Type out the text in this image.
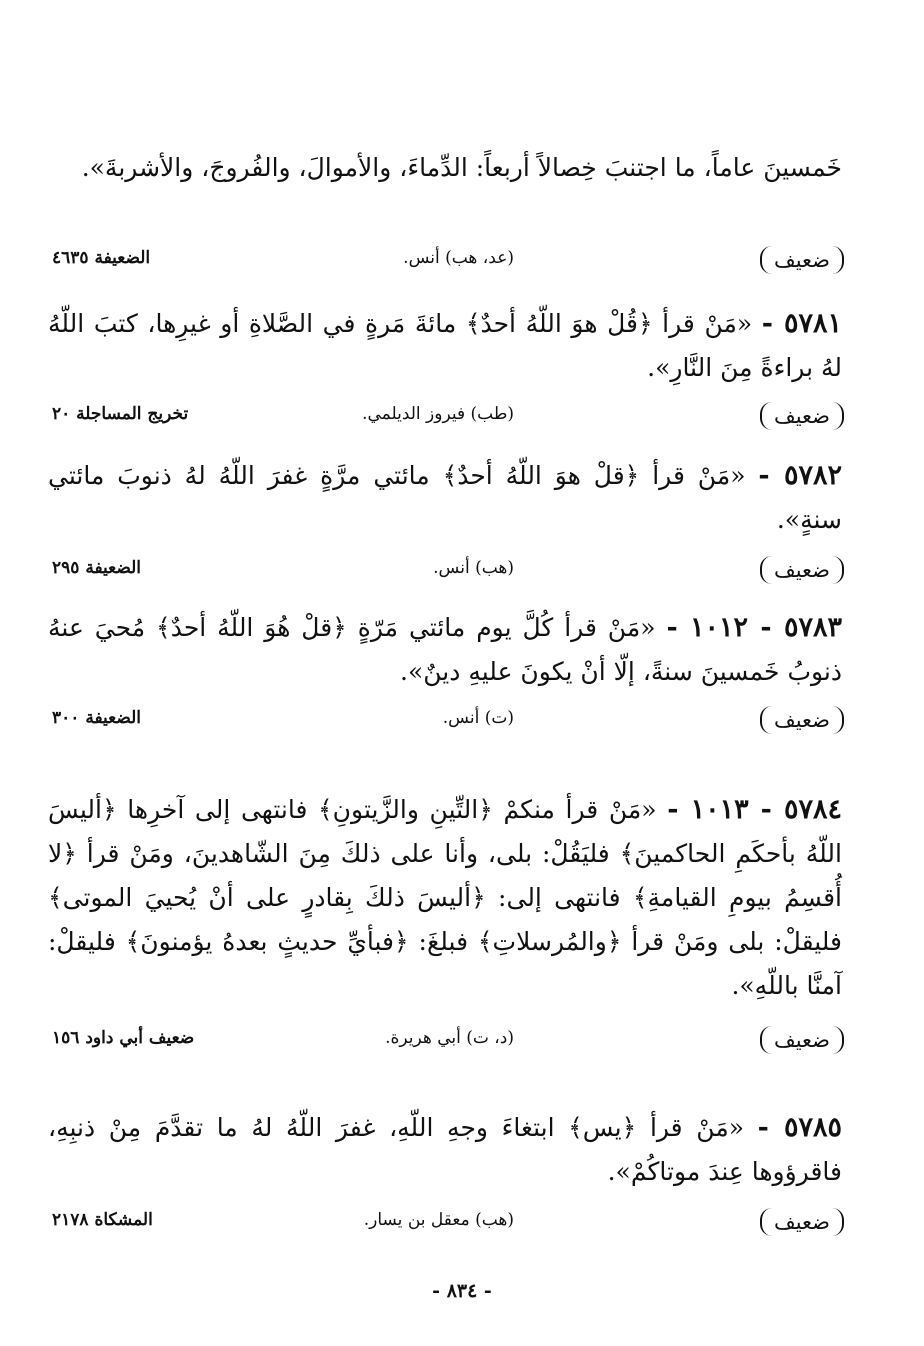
خَمسينَ عاماً، ما اجتنبَ خِصالاً أربعاً: الدِّماءَ، والأموالَ، والفُروجَ، والأشربةَ».
ضعيف
(عد، هب) أنس.
الضعيفة ٤٦٣٥
٥٧٨١ - «مَنْ قرأ ﴿قُلْ هوَ اللّهُ أحدٌ﴾ مائةَ مَرةٍ في الصَّلاةِ أو غيرِها، كتبَ اللّهُ لهُ براءةً مِنَ النَّارِ».
ضعيف
(طب) فيروز الديلمي.
تخريج المساجلة ٢٠
٥٧٨٢ - «مَنْ قرأ ﴿قلْ هوَ اللّهُ أحدٌ﴾ مائتي مرَّةٍ غفرَ اللّهُ لهُ ذنوبَ مائتي سنةٍ».
ضعيف
(هب) أنس.
الضعيفة ٢٩٥
٥٧٨٣ - ١٠١٢ - «مَنْ قرأ كُلَّ يوم مائتي مَرّةٍ ﴿قلْ هُوَ اللّهُ أحدٌ﴾ مُحيَ عنهُ ذنوبُ خَمسينَ سنةً، إلّا أنْ يكونَ عليهِ دينٌ».
ضعيف
(ت) أنس.
الضعيفة ٣٠٠
٥٧٨٤ - ١٠١٣ - «مَنْ قرأ منكمْ ﴿التِّينِ والزَّيتونِ﴾ فانتهى إلى آخرِها ﴿أليسَ اللّهُ بأحكَمِ الحاكمينَ﴾ فليَقُلْ: بلى، وأنا على ذلكَ مِنَ الشّاهدينَ، ومَنْ قرأ ﴿لا أُقسِمُ بيومِ القيامةِ﴾ فانتهى إلى: ﴿أليسَ ذلكَ بِقادرٍ على أنْ يُحييَ الموتى﴾ فليقلْ: بلى ومَنْ قرأ ﴿والمُرسلاتِ﴾ فبلغَ: ﴿فبأيِّ حديثٍ بعدهُ يؤمنونَ﴾ فليقلْ: آمنَّا باللّهِ».
ضعيف
(د، ت) أبي هريرة.
ضعيف أبي داود ١٥٦
٥٧٨٥ - «مَنْ قرأ ﴿يس﴾ ابتغاءَ وجهِ اللّهِ، غفرَ اللّهُ لهُ ما تقدَّمَ مِنْ ذنبِهِ، فاقرؤوها عِندَ موتاكُمْ».
ضعيف
(هب) معقل بن يسار.
المشكاة ٢١٧٨
- ٨٣٤ -
